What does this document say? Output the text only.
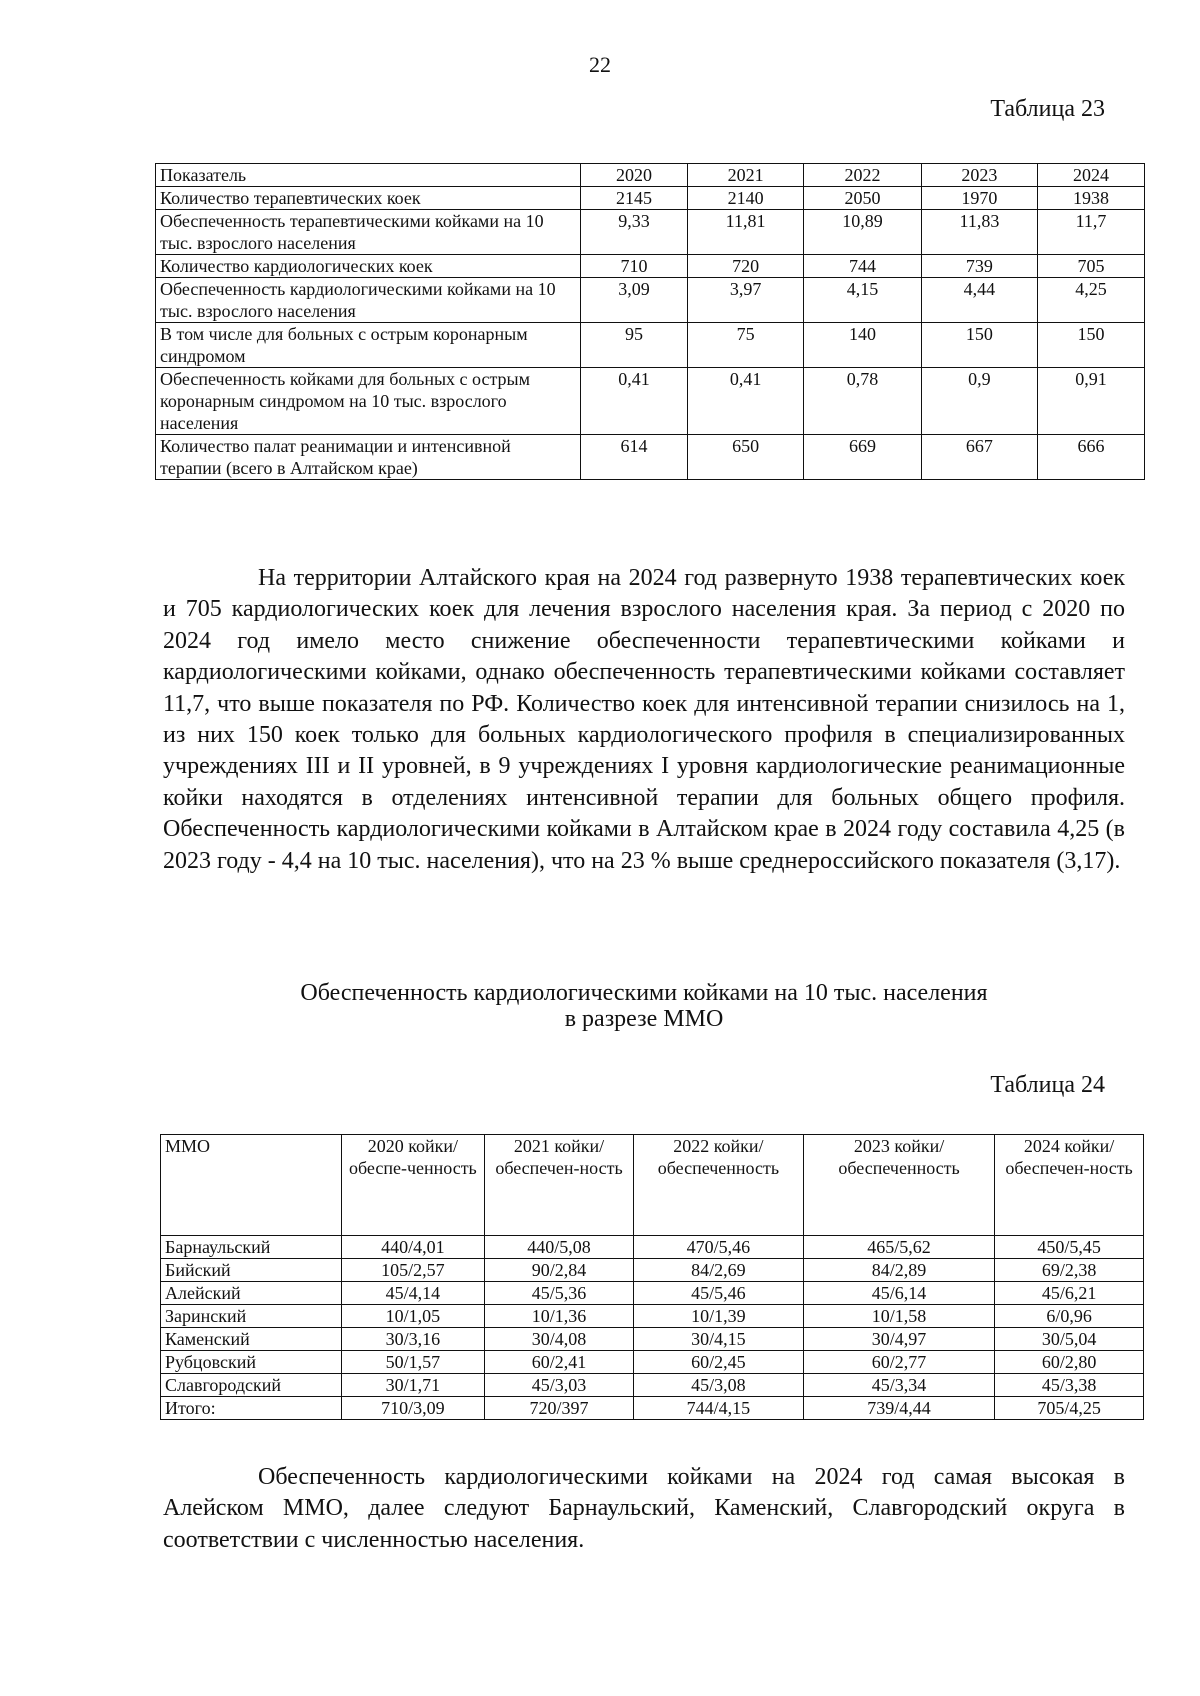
22
Таблица 23
Показатель	2020	2021	2022	2023	2024
Количество терапевтических коек	2145	2140	2050	1970	1938
Обеспеченность терапевтическими койками на 10 тыс. взрослого населения	9,33	11,81	10,89	11,83	11,7
Количество кардиологических коек	710	720	744	739	705
Обеспеченность кардиологическими койками на 10 тыс. взрослого населения	3,09	3,97	4,15	4,44	4,25
В том числе для больных с острым коронарным синдромом	95	75	140	150	150
Обеспеченность койками для больных с острым коронарным синдромом на 10 тыс. взрослого населения	0,41	0,41	0,78	0,9	0,91
Количество палат реанимации и интенсивной терапии (всего в Алтайском крае)	614	650	669	667	666
На территории Алтайского края на 2024 год развернуто 1938 терапевтических коек и 705 кардиологических коек для лечения взрослого населения края. За период с 2020 по 2024 год имело место снижение обеспеченности терапевтическими койками и кардиологическими койками, однако обеспеченность терапевтическими койками составляет 11,7, что выше показателя по РФ. Количество коек для интенсивной терапии снизилось на 1, из них 150 коек только для больных кардиологического профиля в специализированных учреждениях III и II уровней, в 9 учреждениях I уровня кардиологические реанимационные койки находятся в отделениях интенсивной терапии для больных общего профиля. Обеспеченность кардиологическими койками в Алтайском крае в 2024 году составила 4,25 (в 2023 году - 4,4 на 10 тыс. населения), что на 23 % выше среднероссийского показателя (3,17).
Обеспеченность кардиологическими койками на 10 тыс. населения
в разрезе ММО
Таблица 24
ММО	2020 койки/ обеспе-ченность	2021 койки/ обеспечен-ность	2022 койки/ обеспеченность	2023 койки/ обеспеченность	2024 койки/ обеспечен-ность
Барнаульский	440/4,01	440/5,08	470/5,46	465/5,62	450/5,45
Бийский	105/2,57	90/2,84	84/2,69	84/2,89	69/2,38
Алейский	45/4,14	45/5,36	45/5,46	45/6,14	45/6,21
Заринский	10/1,05	10/1,36	10/1,39	10/1,58	6/0,96
Каменский	30/3,16	30/4,08	30/4,15	30/4,97	30/5,04
Рубцовский	50/1,57	60/2,41	60/2,45	60/2,77	60/2,80
Славгородский	30/1,71	45/3,03	45/3,08	45/3,34	45/3,38
Итого:	710/3,09	720/397	744/4,15	739/4,44	705/4,25
Обеспеченность кардиологическими койками на 2024 год самая высокая в Алейском ММО, далее следуют Барнаульский, Каменский, Славгородский округа в соответствии с численностью населения.
